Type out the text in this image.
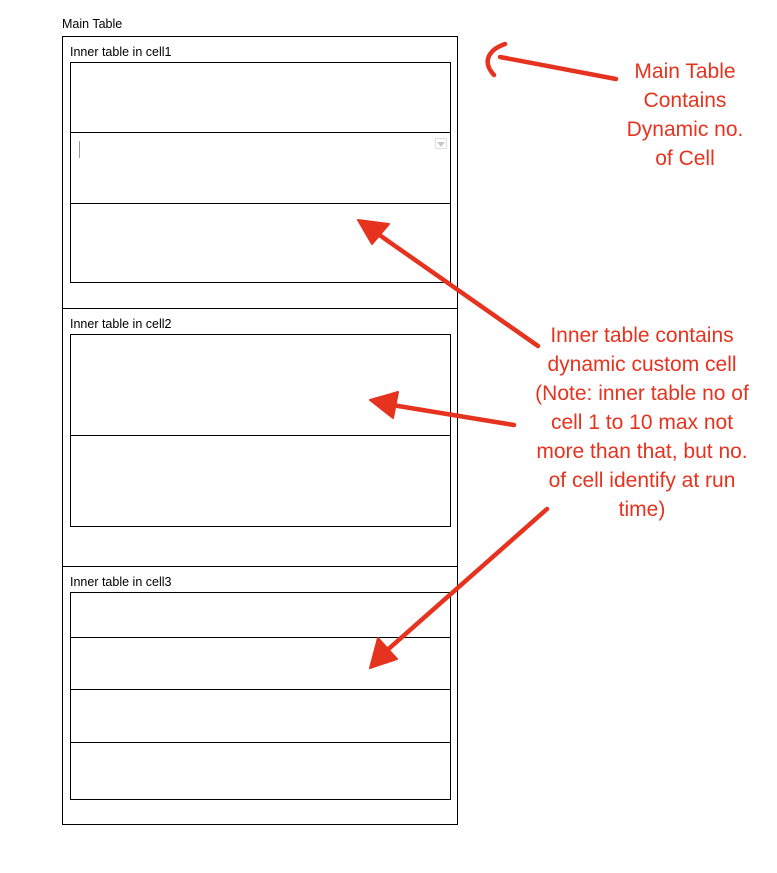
Main Table
Inner table in cell1
Inner table in cell2
Inner table in cell3
Main Table
Contains
Dynamic no.
of Cell
Inner table contains
dynamic custom cell
(Note: inner table no of
cell 1 to 10 max not
more than that, but no.
of cell identify at run
time)
